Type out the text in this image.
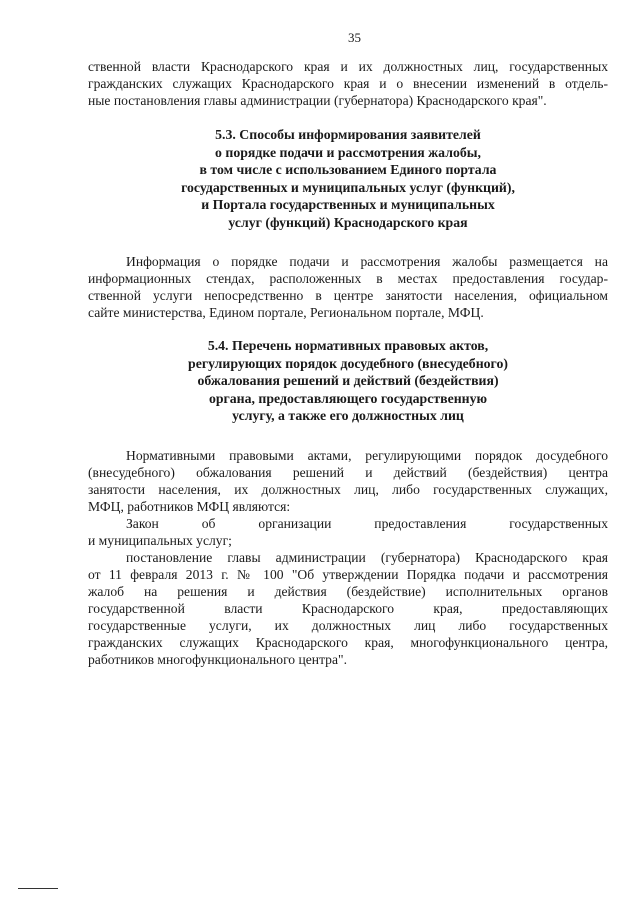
35
ственной власти Краснодарского края и их должностных лиц, государственных
гражданских служащих Краснодарского края и о внесении изменений в отдель-
ные постановления главы администрации (губернатора) Краснодарского края".
5.3. Способы информирования заявителей
о порядке подачи и рассмотрения жалобы,
в том числе с использованием Единого портала
государственных и муниципальных услуг (функций),
и Портала государственных и муниципальных
услуг (функций) Краснодарского края
Информация о порядке подачи и рассмотрения жалобы размещается на
информационных стендах, расположенных в местах предоставления государ-
ственной услуги непосредственно в центре занятости населения, официальном
сайте министерства, Едином портале, Региональном портале, МФЦ.
5.4. Перечень нормативных правовых актов,
регулирующих порядок досудебного (внесудебного)
обжалования решений и действий (бездействия)
органа, предоставляющего государственную
услугу, а также его должностных лиц
Нормативными правовыми актами, регулирующими порядок досудебного
(внесудебного) обжалования решений и действий (бездействия) центра
занятости населения, их должностных лиц, либо государственных служащих,
МФЦ, работников МФЦ являются:
Закон об организации предоставления государственных
и муниципальных услуг;
постановление главы администрации (губернатора) Краснодарского края
от 11 февраля 2013 г. № 100 "Об утверждении Порядка подачи и рассмотрения
жалоб на решения и действия (бездействие) исполнительных органов
государственной власти Краснодарского края, предоставляющих
государственные услуги, их должностных лиц либо государственных
гражданских служащих Краснодарского края, многофункционального центра,
работников многофункционального центра".
